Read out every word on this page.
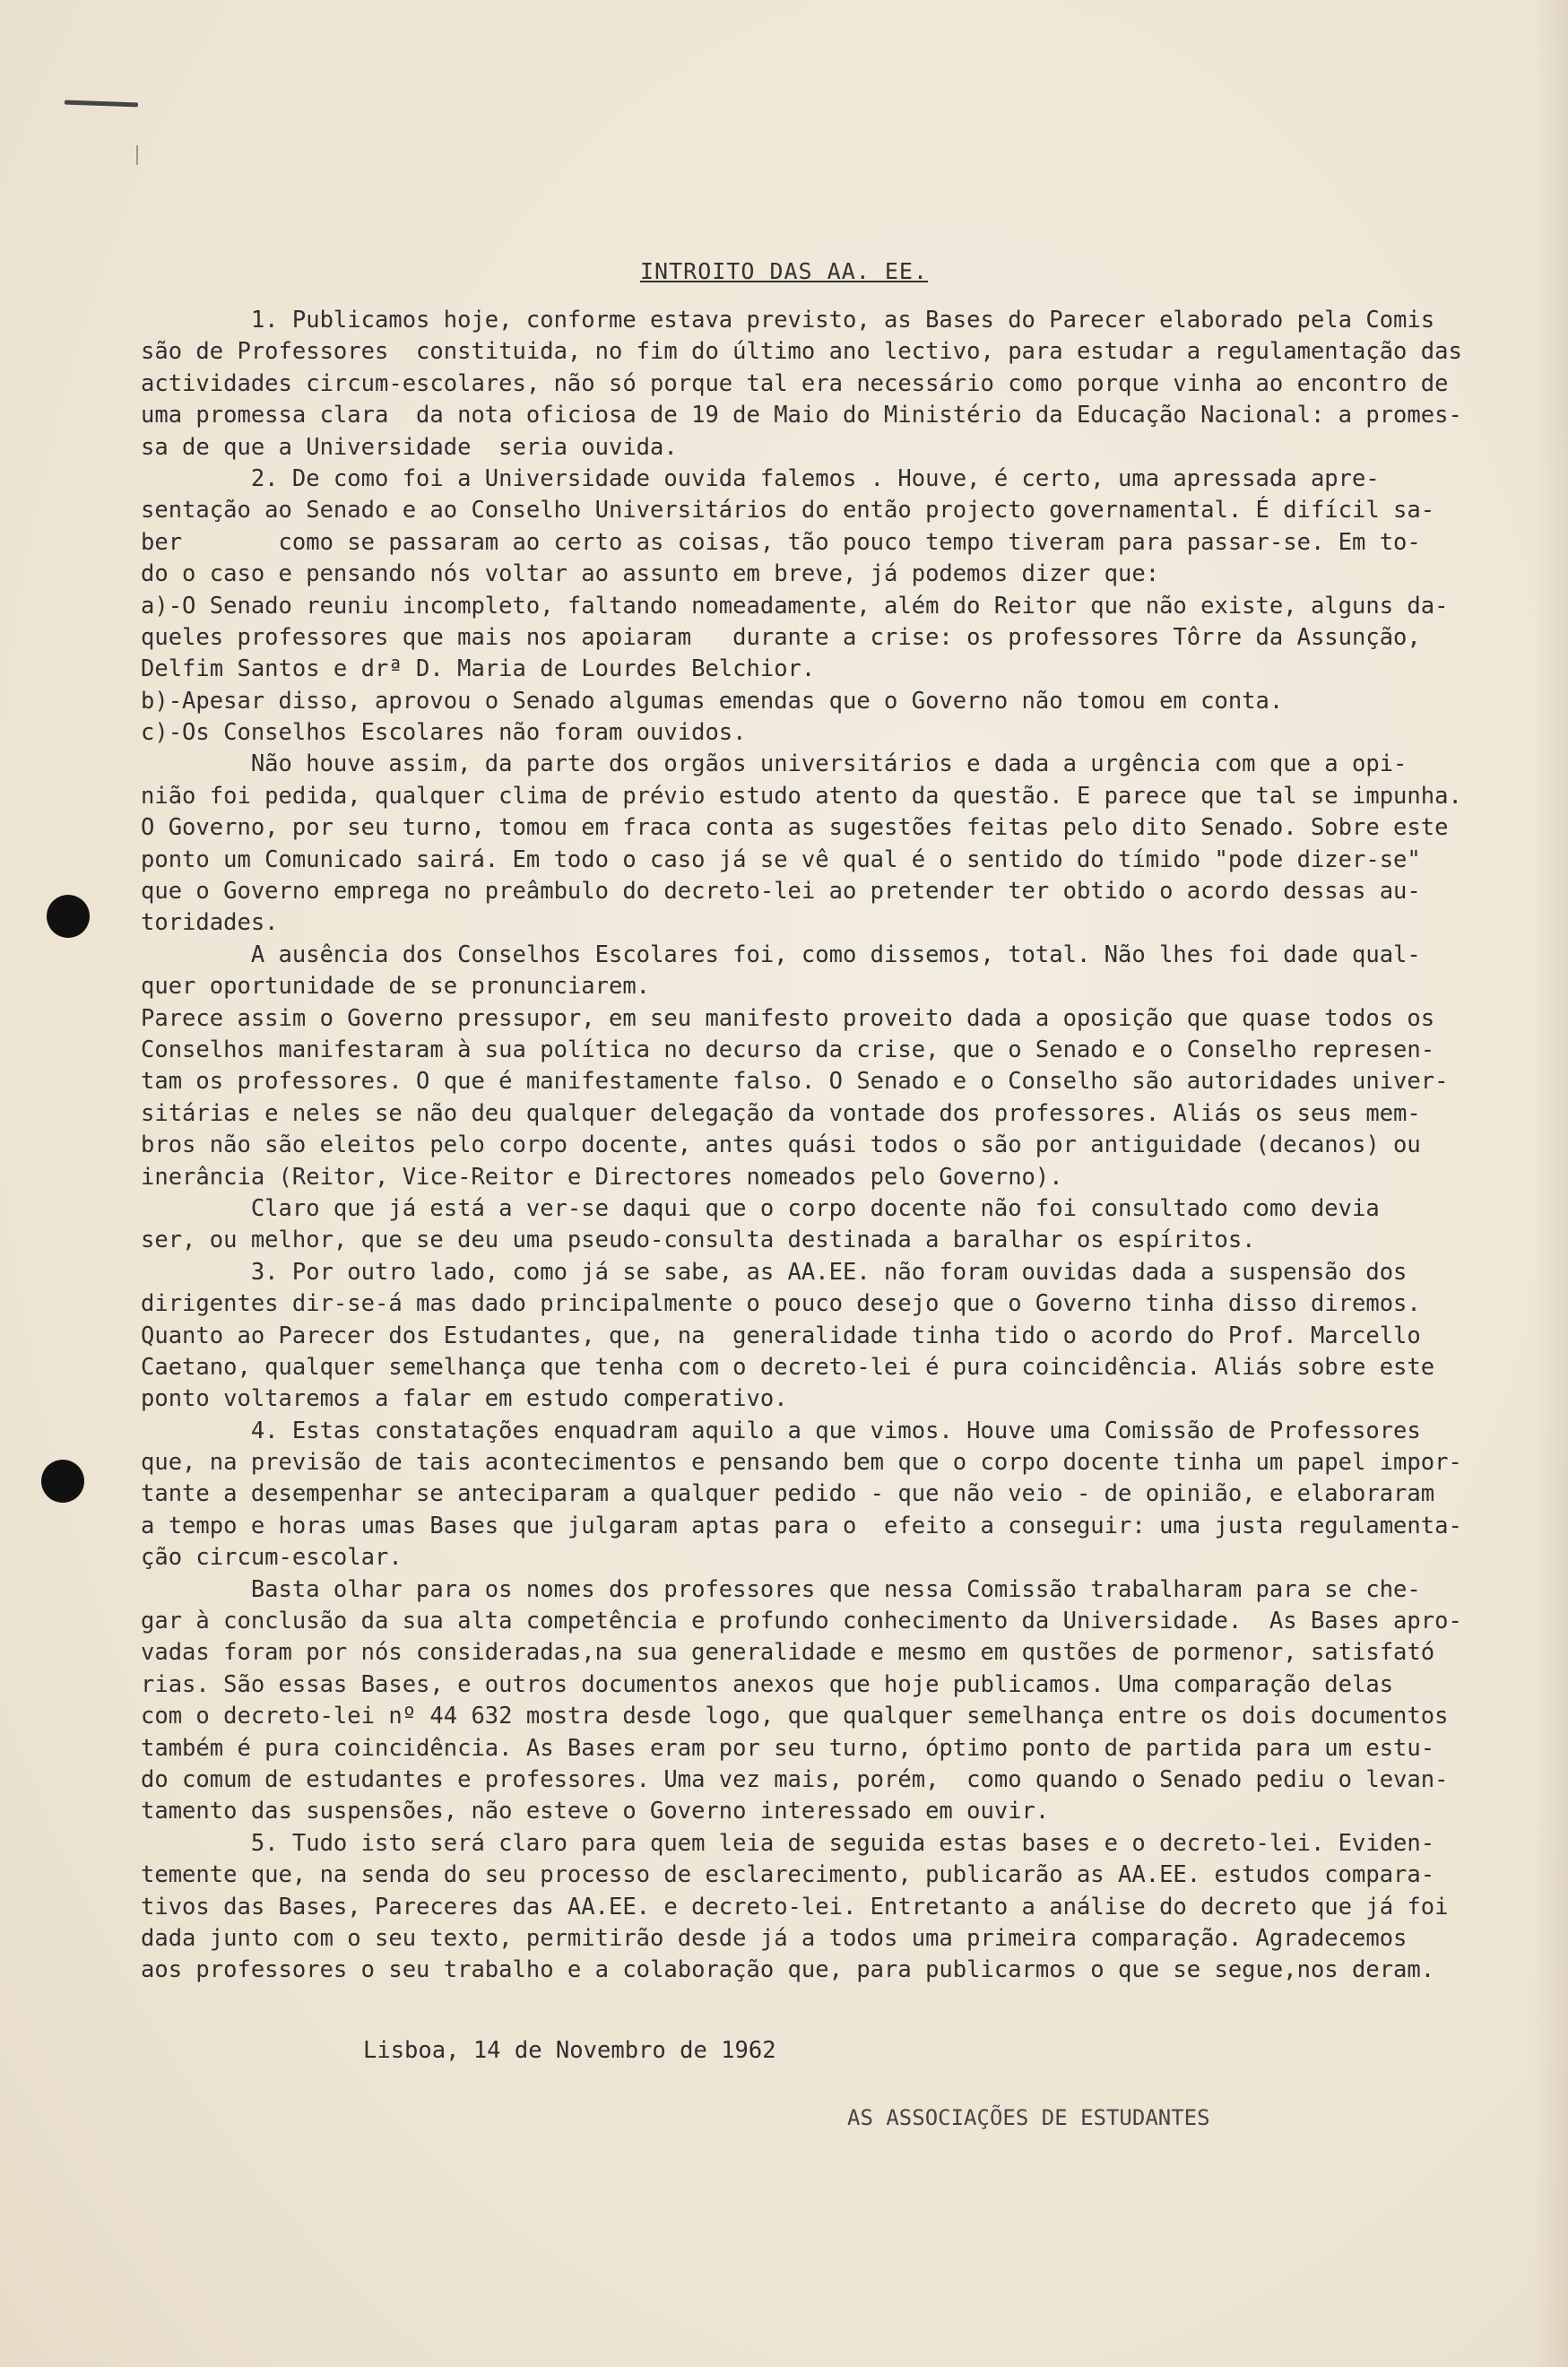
INTROITO DAS AA. EE.
1. Publicamos hoje, conforme estava previsto, as Bases do Parecer elaborado pela Comis
são de Professores  constituida, no fim do último ano lectivo, para estudar a regulamentação das
actividades circum-escolares, não só porque tal era necessário como porque vinha ao encontro de
uma promessa clara  da nota oficiosa de 19 de Maio do Ministério da Educação Nacional: a promes-
sa de que a Universidade  seria ouvida.
2. De como foi a Universidade ouvida falemos . Houve, é certo, uma apressada apre-
sentação ao Senado e ao Conselho Universitários do então projecto governamental. É difícil sa-
ber       como se passaram ao certo as coisas, tão pouco tempo tiveram para passar-se. Em to-
do o caso e pensando nós voltar ao assunto em breve, já podemos dizer que:
a)-O Senado reuniu incompleto, faltando nomeadamente, além do Reitor que não existe, alguns da-
queles professores que mais nos apoiaram   durante a crise: os professores Tôrre da Assunção,
Delfim Santos e drª D. Maria de Lourdes Belchior.
b)-Apesar disso, aprovou o Senado algumas emendas que o Governo não tomou em conta.
c)-Os Conselhos Escolares não foram ouvidos.
Não houve assim, da parte dos orgãos universitários e dada a urgência com que a opi-
nião foi pedida, qualquer clima de prévio estudo atento da questão. E parece que tal se impunha.
O Governo, por seu turno, tomou em fraca conta as sugestões feitas pelo dito Senado. Sobre este
ponto um Comunicado sairá. Em todo o caso já se vê qual é o sentido do tímido "pode dizer-se"
que o Governo emprega no preâmbulo do decreto-lei ao pretender ter obtido o acordo dessas au-
toridades.
A ausência dos Conselhos Escolares foi, como dissemos, total. Não lhes foi dade qual-
quer oportunidade de se pronunciarem.
Parece assim o Governo pressupor, em seu manifesto proveito dada a oposição que quase todos os
Conselhos manifestaram à sua política no decurso da crise, que o Senado e o Conselho represen-
tam os professores. O que é manifestamente falso. O Senado e o Conselho são autoridades univer-
sitárias e neles se não deu qualquer delegação da vontade dos professores. Aliás os seus mem-
bros não são eleitos pelo corpo docente, antes quási todos o são por antiguidade (decanos) ou
inerância (Reitor, Vice-Reitor e Directores nomeados pelo Governo).
Claro que já está a ver-se daqui que o corpo docente não foi consultado como devia
ser, ou melhor, que se deu uma pseudo-consulta destinada a baralhar os espíritos.
3. Por outro lado, como já se sabe, as AA.EE. não foram ouvidas dada a suspensão dos
dirigentes dir-se-á mas dado principalmente o pouco desejo que o Governo tinha disso diremos.
Quanto ao Parecer dos Estudantes, que, na  generalidade tinha tido o acordo do Prof. Marcello
Caetano, qualquer semelhança que tenha com o decreto-lei é pura coincidência. Aliás sobre este
ponto voltaremos a falar em estudo comperativo.
4. Estas constatações enquadram aquilo a que vimos. Houve uma Comissão de Professores
que, na previsão de tais acontecimentos e pensando bem que o corpo docente tinha um papel impor-
tante a desempenhar se anteciparam a qualquer pedido - que não veio - de opinião, e elaboraram
a tempo e horas umas Bases que julgaram aptas para o  efeito a conseguir: uma justa regulamenta-
ção circum-escolar.
Basta olhar para os nomes dos professores que nessa Comissão trabalharam para se che-
gar à conclusão da sua alta competência e profundo conhecimento da Universidade.  As Bases apro-
vadas foram por nós consideradas,na sua generalidade e mesmo em qustões de pormenor, satisfató
rias. São essas Bases, e outros documentos anexos que hoje publicamos. Uma comparação delas
com o decreto-lei nº 44 632 mostra desde logo, que qualquer semelhança entre os dois documentos
também é pura coincidência. As Bases eram por seu turno, óptimo ponto de partida para um estu-
do comum de estudantes e professores. Uma vez mais, porém,  como quando o Senado pediu o levan-
tamento das suspensões, não esteve o Governo interessado em ouvir.
5. Tudo isto será claro para quem leia de seguida estas bases e o decreto-lei. Eviden-
temente que, na senda do seu processo de esclarecimento, publicarão as AA.EE. estudos compara-
tivos das Bases, Pareceres das AA.EE. e decreto-lei. Entretanto a análise do decreto que já foi
dada junto com o seu texto, permitirão desde já a todos uma primeira comparação. Agradecemos
aos professores o seu trabalho e a colaboração que, para publicarmos o que se segue,nos deram.
Lisboa, 14 de Novembro de 1962
AS ASSOCIAÇÕES DE ESTUDANTES
